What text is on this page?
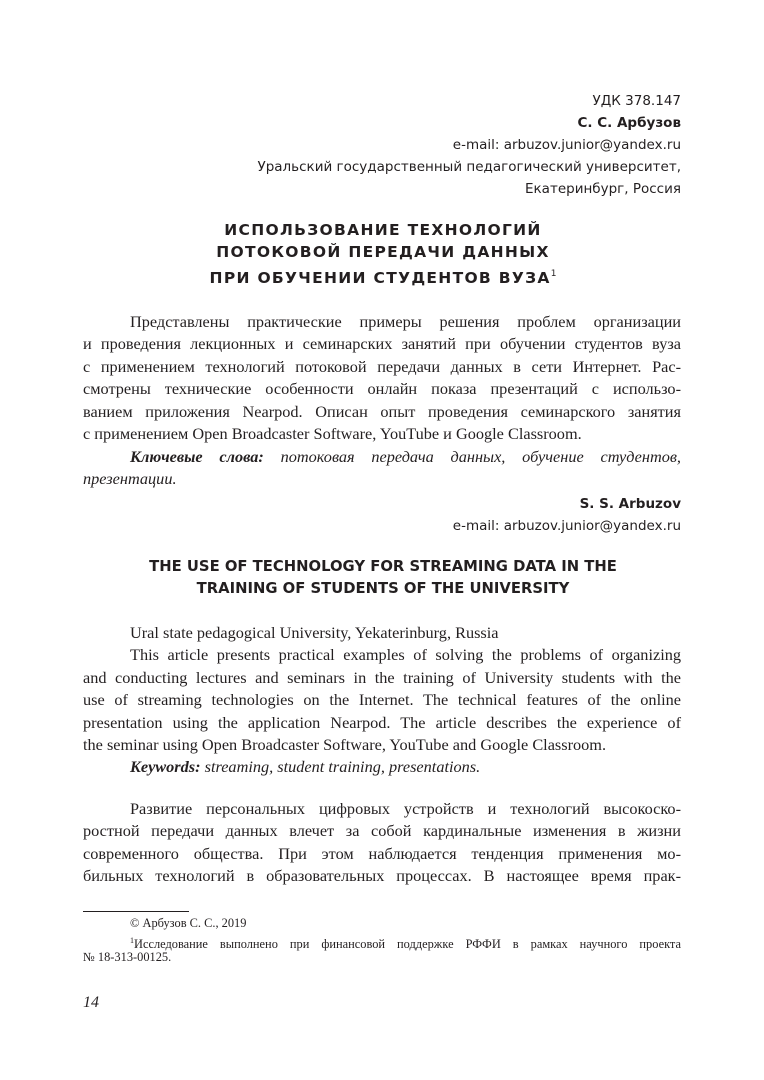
УДК 378.147
С. С. Арбузов
e-mail: arbuzov.junior@yandex.ru
Уральский государственный педагогический университет,
Екатеринбург, Россия
ИСПОЛЬЗОВАНИЕ ТЕХНОЛОГИЙ
ПОТОКОВОЙ ПЕРЕДАЧИ ДАННЫХ
ПРИ ОБУЧЕНИИ СТУДЕНТОВ ВУЗА$^1$
Представлены практические примеры решения проблем организации
и проведения лекционных и семинарских занятий при обучении студентов вуза
с применением технологий потоковой передачи данных в сети Интернет. Рас-
смотрены технические особенности онлайн показа презентаций с использо-
ванием приложения Nearpod. Описан опыт проведения семинарского занятия
с применением Open Broadcaster Software, YouTube и Google Classroom.
Ключевые слова: потоковая передача данных, обучение студентов,
презентации.
S. S. Arbuzov
e-mail: arbuzov.junior@yandex.ru
THE USE OF TECHNOLOGY FOR STREAMING DATA IN THE
TRAINING OF STUDENTS OF THE UNIVERSITY
Ural state pedagogical University, Yekaterinburg, Russia
This article presents practical examples of solving the problems of organizing
and conducting lectures and seminars in the training of University students with the
use of streaming technologies on the Internet. The technical features of the online
presentation using the application Nearpod. The article describes the experience of
the seminar using Open Broadcaster Software, YouTube and Google Classroom.
Keywords: streaming, student training, presentations.
Развитие персональных цифровых устройств и технологий высокоско-
ростной передачи данных влечет за собой кардинальные изменения в жизни
современного общества. При этом наблюдается тенденция применения мо-
бильных технологий в образовательных процессах. В настоящее время прак-
© Арбузов С. С., 2019
$^1$Исследование выполнено при финансовой поддержке РФФИ в рамках научного проекта
№ 18-313-00125.
14
